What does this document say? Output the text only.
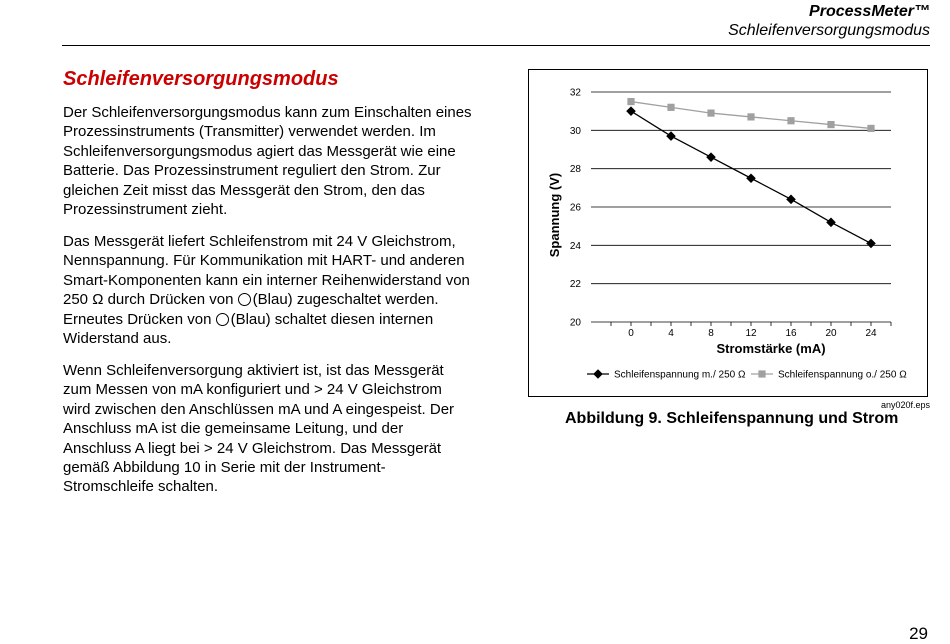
ProcessMeter™
Schleifenversorgungsmodus
Schleifenversorgungsmodus

Der Schleifenversorgungsmodus kann zum Einschalten eines Prozessinstruments (Transmitter) verwendet werden. Im Schleifenversorgungsmodus agiert das Messgerät wie eine Batterie. Das Prozessinstrument reguliert den Strom. Zur gleichen Zeit misst das Messgerät den Strom, den das Prozessinstrument zieht.

Das Messgerät liefert Schleifenstrom mit 24 V Gleichstrom, Nennspannung. Für Kommunikation mit HART- und anderen Smart-Komponenten kann ein interner Reihenwiderstand von 250 Ω durch Drücken von (Blau) zugeschaltet werden. Erneutes Drücken von (Blau) schaltet diesen internen Widerstand aus.

Wenn Schleifenversorgung aktiviert ist, ist das Messgerät zum Messen von mA konfiguriert und > 24 V Gleichstrom wird zwischen den Anschlüssen mA und A eingespeist. Der Anschluss mA ist die gemeinsame Leitung, und der Anschluss A liegt bei > 24 V Gleichstrom. Das Messgerät gemäß Abbildung 10 in Serie mit der Instrument-Stromschleife schalten.

20
22
24
26
28
30
32
0	4	8	12	16	20	24
Stromstärke (mA)
Spannung (V)
Schleifenspannung m./ 250 Ω	Schleifenspannung o./ 250 Ω
any020f.eps
Abbildung 9. Schleifenspannung und Strom
29
